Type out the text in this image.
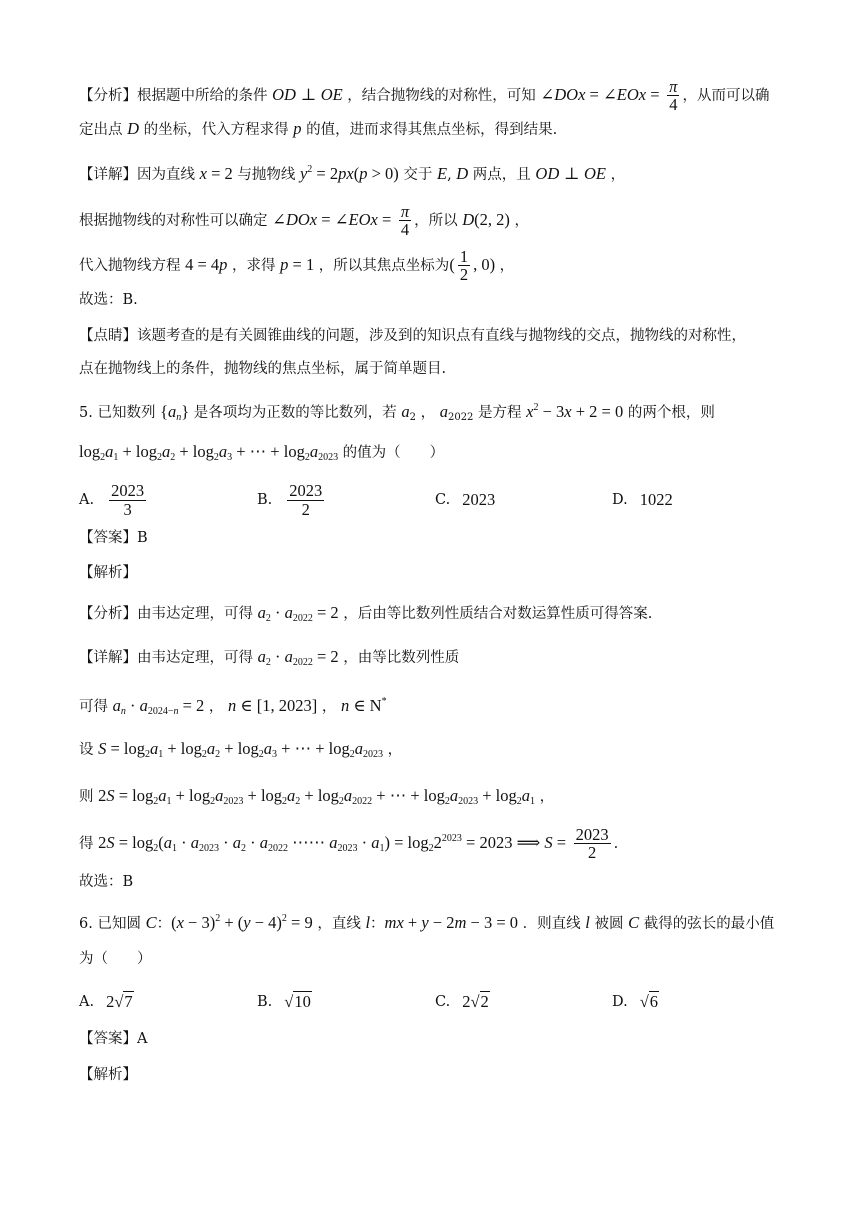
【分析】根据题中所给的条件 OD ⊥ OE ，结合抛物线的对称性，可知 ∠DOx = ∠EOx = $\frac{\pi}{4}$ ，从而可以确
定出点 D 的坐标，代入方程求得 p 的值，进而求得其焦点坐标，得到结果.
【详解】因为直线 x = 2 与抛物线 $y^2 = 2px(p > 0)$ 交于 E, D 两点，且 OD ⊥ OE ，
根据抛物线的对称性可以确定 ∠DOx = ∠EOx = $\frac{\pi}{4}$ ，所以 D(2, 2) ，
代入抛物线方程 4 = 4p ，求得 p = 1 ，所以其焦点坐标为( $\frac{1}{2}$ , 0) ，
故选：B.
【点睛】该题考查的是有关圆锥曲线的问题，涉及到的知识点有直线与抛物线的交点，抛物线的对称性，
点在抛物线上的条件，抛物线的焦点坐标，属于简单题目.
5. 已知数列 $\{a_n\}$ 是各项均为正数的等比数列，若 $a_2$ ， $a_{2022}$ 是方程 $x^2 - 3x + 2 = 0$ 的两个根，则
$\log_2a_1 + \log_2a_2 + \log_2a_3$ + ⋯ + $\log_2a_{2023}$ 的值为（　　）
A. $\frac{2023}{3}$	B. $\frac{2023}{2}$	C. 2023	D. 1022
【答案】B
【解析】
【分析】由韦达定理，可得 $a_2 \cdot a_{2022} = 2$ ，后由等比数列性质结合对数运算性质可得答案.
【详解】由韦达定理，可得 $a_2 \cdot a_{2022} = 2$ ，由等比数列性质
可得 $a_n \cdot a_{2024-n} = 2$ ， n ∈ [1, 2023] ， n ∈ N*
设 $S = \log_2a_1 + \log_2a_2 + \log_2a_3$ + ⋯ + $\log_2a_{2023}$ ，
则 $2S = \log_2a_1 + \log_2a_{2023} + \log_2a_2 + \log_2a_{2022}$ + ⋯ + $\log_2a_{2023} + \log_2a_1$ ，
得 $2S = \log_2(a_1 \cdot a_{2023} \cdot a_2 \cdot a_{2022}$ ⋯⋯ $a_{2023} \cdot a_1) = \log_22^{2023} = 2023$ ⟹ $S = \frac{2023}{2}$ .
故选：B
6. 已知圆 C：$(x - 3)^2 + (y - 4)^2 = 9$ ，直线 l：mx + y − 2m − 3 = 0 ．则直线 l 被圆 C 截得的弦长的最小值
为（　　）
A. 2√7	B. √10	C. 2√2	D. √6
【答案】A
【解析】
